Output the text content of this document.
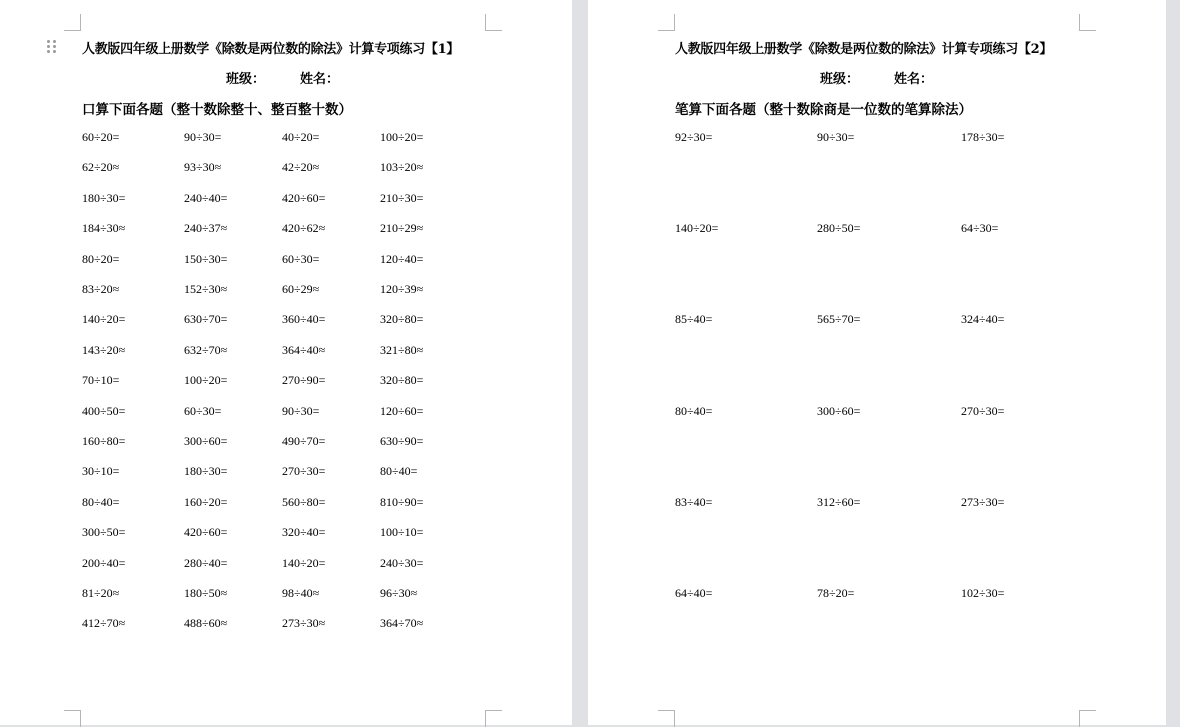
人教版四年级上册数学《除数是两位数的除法》计算专项练习【1】
班级：	姓名：
口算下面各题（整十数除整十、整百整十数）
60÷20=	90÷30=	40÷20=	100÷20=
62÷20≈	93÷30≈	42÷20≈	103÷20≈
180÷30=	240÷40=	420÷60=	210÷30=
184÷30≈	240÷37≈	420÷62≈	210÷29≈
80÷20=	150÷30=	60÷30=	120÷40=
83÷20≈	152÷30≈	60÷29≈	120÷39≈
140÷20=	630÷70=	360÷40=	320÷80=
143÷20≈	632÷70≈	364÷40≈	321÷80≈
70÷10=	100÷20=	270÷90=	320÷80=
400÷50=	60÷30=	90÷30=	120÷60=
160÷80=	300÷60=	490÷70=	630÷90=
30÷10=	180÷30=	270÷30=	80÷40=
80÷40=	160÷20=	560÷80=	810÷90=
300÷50=	420÷60=	320÷40=	100÷10=
200÷40=	280÷40=	140÷20=	240÷30=
81÷20≈	180÷50≈	98÷40≈	96÷30≈
412÷70≈	488÷60≈	273÷30≈	364÷70≈
人教版四年级上册数学《除数是两位数的除法》计算专项练习【2】
班级：	姓名：
笔算下面各题（整十数除商是一位数的笔算除法）
92÷30=	90÷30=	178÷30=
140÷20=	280÷50=	64÷30=
85÷40=	565÷70=	324÷40=
80÷40=	300÷60=	270÷30=
83÷40=	312÷60=	273÷30=
64÷40=	78÷20=	102÷30=
